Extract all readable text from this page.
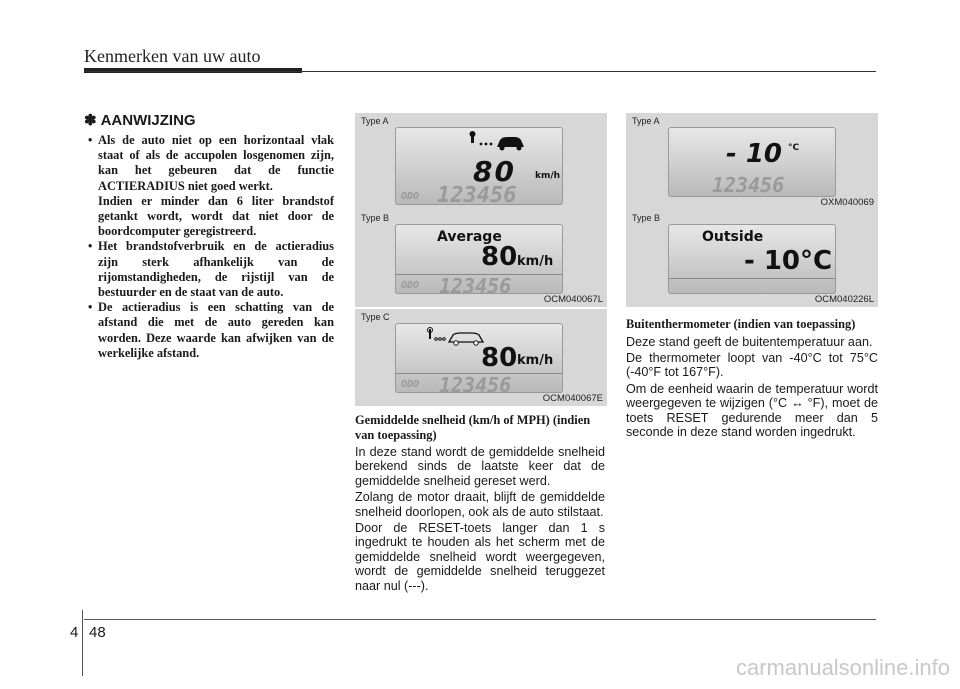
Kenmerken van uw auto
✽ AANWIJZING
• Als de auto niet op een horizontaal vlak staat of als de accupolen losgenomen zijn, kan het gebeuren dat de functie ACTIERADIUS niet goed werkt.
Indien er minder dan 6 liter brandstof getankt wordt, wordt dat niet door de boordcomputer geregistreerd.
• Het brandstofverbruik en de actieradius zijn sterk afhankelijk van de rijomstandigheden, de rijstijl van de bestuurder en de staat van de auto.
• De actieradius is een schatting van de afstand die met de auto gereden kan worden. Deze waarde kan afwijken van de werkelijke afstand.
Type A
80 km/h
ODO 123456
Type B
Average
80 km/h
ODO 123456
OCM040067L
Type C
80 km/h
ODO 123456
OCM040067E
Gemiddelde snelheid (km/h of MPH) (indien van toepassing)

In deze stand wordt de gemiddelde snelheid berekend sinds de laatste keer dat de gemiddelde snelheid gereset werd.

Zolang de motor draait, blijft de gemiddelde snelheid doorlopen, ook als de auto stilstaat.

Door de RESET-toets langer dan 1 s ingedrukt te houden als het scherm met de gemiddelde snelheid wordt weergegeven, wordt de gemiddelde snelheid teruggezet naar nul (---).

Type A
- 10 °C
123456
OXM040069
Type B
Outside
- 10°C
OCM040226L
Buitenthermometer (indien van toepassing)

Deze stand geeft de buitentemperatuur aan.

De thermometer loopt van -40°C tot 75°C (-40°F tot 167°F).

Om de eenheid waarin de temperatuur wordt weergegeven te wijzigen (°C ↔ °F), moet de toets RESET gedurende meer dan 5 seconde in deze stand worden ingedrukt.

4 48
carmanualsonline.info
